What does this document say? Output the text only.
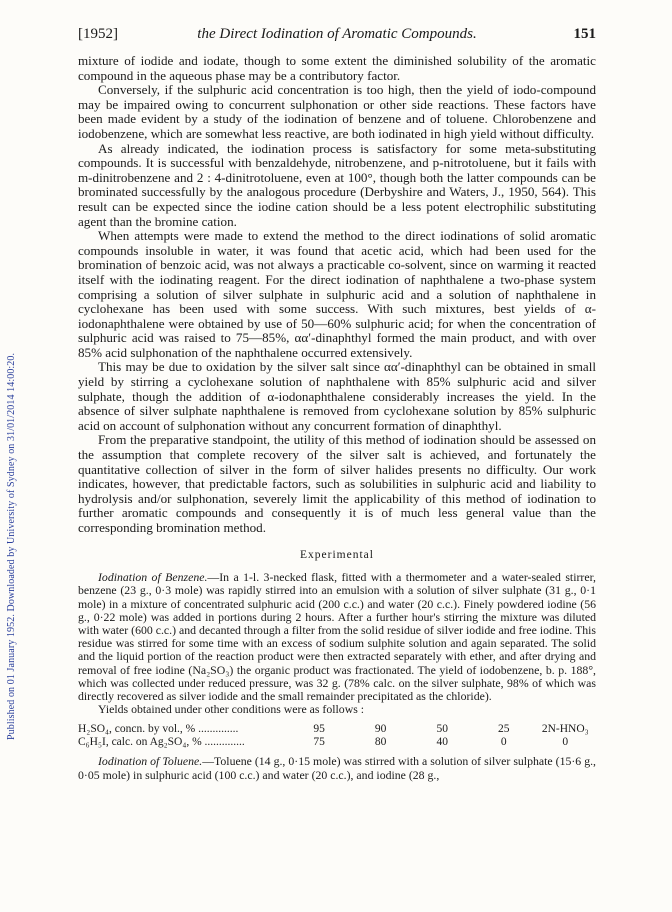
Published on 01 January 1952. Downloaded by University of Sydney on 31/01/2014 14:00:20.
[1952]	the Direct Iodination of Aromatic Compounds.	151

mixture of iodide and iodate, though to some extent the diminished solubility of the aromatic compound in the aqueous phase may be a contributory factor.

Conversely, if the sulphuric acid concentration is too high, then the yield of iodo-compound may be impaired owing to concurrent sulphonation or other side reactions. These factors have been made evident by a study of the iodination of benzene and of toluene. Chlorobenzene and iodobenzene, which are somewhat less reactive, are both iodinated in high yield without difficulty.

As already indicated, the iodination process is satisfactory for some meta-substituting compounds. It is successful with benzaldehyde, nitrobenzene, and p-nitrotoluene, but it fails with m-dinitrobenzene and 2 : 4-dinitrotoluene, even at 100°, though both the latter compounds can be brominated successfully by the analogous procedure (Derbyshire and Waters, J., 1950, 564). This result can be expected since the iodine cation should be a less potent electrophilic substituting agent than the bromine cation.

When attempts were made to extend the method to the direct iodinations of solid aromatic compounds insoluble in water, it was found that acetic acid, which had been used for the bromination of benzoic acid, was not always a practicable co-solvent, since on warming it reacted itself with the iodinating reagent. For the direct iodination of naphthalene a two-phase system comprising a solution of silver sulphate in sulphuric acid and a solution of naphthalene in cyclohexane has been used with some success. With such mixtures, best yields of α-iodonaphthalene were obtained by use of 50—60% sulphuric acid; for when the concentration of sulphuric acid was raised to 75—85%, αα′-dinaphthyl formed the main product, and with over 85% acid sulphonation of the naphthalene occurred extensively.

This may be due to oxidation by the silver salt since αα′-dinaphthyl can be obtained in small yield by stirring a cyclohexane solution of naphthalene with 85% sulphuric acid and silver sulphate, though the addition of α-iodonaphthalene considerably increases the yield. In the absence of silver sulphate naphthalene is removed from cyclohexane solution by 85% sulphuric acid on account of sulphonation without any concurrent formation of dinaphthyl.

From the preparative standpoint, the utility of this method of iodination should be assessed on the assumption that complete recovery of the silver salt is achieved, and fortunately the quantitative collection of silver in the form of silver halides presents no difficulty. Our work indicates, however, that predictable factors, such as solubilities in sulphuric acid and liability to hydrolysis and/or sulphonation, severely limit the applicability of this method of iodination to further aromatic compounds and consequently it is of much less general value than the corresponding bromination method.

Experimental

Iodination of Benzene.—In a 1-l. 3-necked flask, fitted with a thermometer and a water-sealed stirrer, benzene (23 g., 0·3 mole) was rapidly stirred into an emulsion with a solution of silver sulphate (31 g., 0·1 mole) in a mixture of concentrated sulphuric acid (200 c.c.) and water (20 c.c.). Finely powdered iodine (56 g., 0·22 mole) was added in portions during 2 hours. After a further hour's stirring the mixture was diluted with water (600 c.c.) and decanted through a filter from the solid residue of silver iodide and free iodine. This residue was stirred for some time with an excess of sodium sulphite solution and again separated. The solid and the liquid portion of the reaction product were then extracted separately with ether, and after drying and removal of free iodine (Na₂SO₃) the organic product was fractionated. The yield of iodobenzene, b. p. 188°, which was collected under reduced pressure, was 32 g. (78% calc. on the silver sulphate, 98% of which was directly recovered as silver iodide and the small remainder precipitated as the chloride).

Yields obtained under other conditions were as follows :

H₂SO₄, concn. by vol., % ..............	95	90	50	25	2N-HNO₃
C₆H₅I, calc. on Ag₂SO₄, % ..............	75	80	40	0	0

Iodination of Toluene.—Toluene (14 g., 0·15 mole) was stirred with a solution of silver sulphate (15·6 g., 0·05 mole) in sulphuric acid (100 c.c.) and water (20 c.c.), and iodine (28 g.,
